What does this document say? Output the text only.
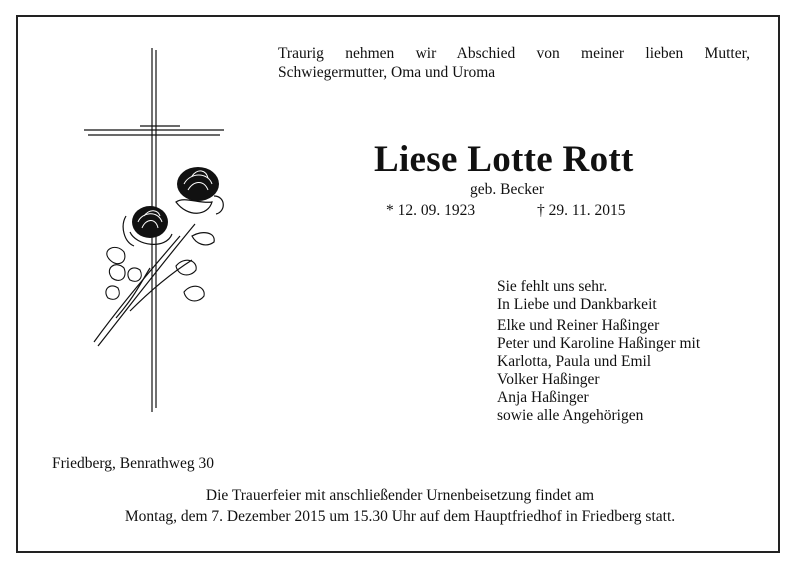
Traurig nehmen wir Abschied von meiner lieben Mutter,
Schwiegermutter, Oma und Uroma
Liese Lotte Rott
geb. Becker
* 12. 09. 1923	† 29. 11. 2015
Sie fehlt uns sehr.
In Liebe und Dankbarkeit
Elke und Reiner Haßinger
Peter und Karoline Haßinger mit
Karlotta, Paula und Emil
Volker Haßinger
Anja Haßinger
sowie alle Angehörigen
Friedberg, Benrathweg 30
Die Trauerfeier mit anschließender Urnenbeisetzung findet am
Montag, dem 7. Dezember 2015 um 15.30 Uhr auf dem Hauptfriedhof in Friedberg statt.
